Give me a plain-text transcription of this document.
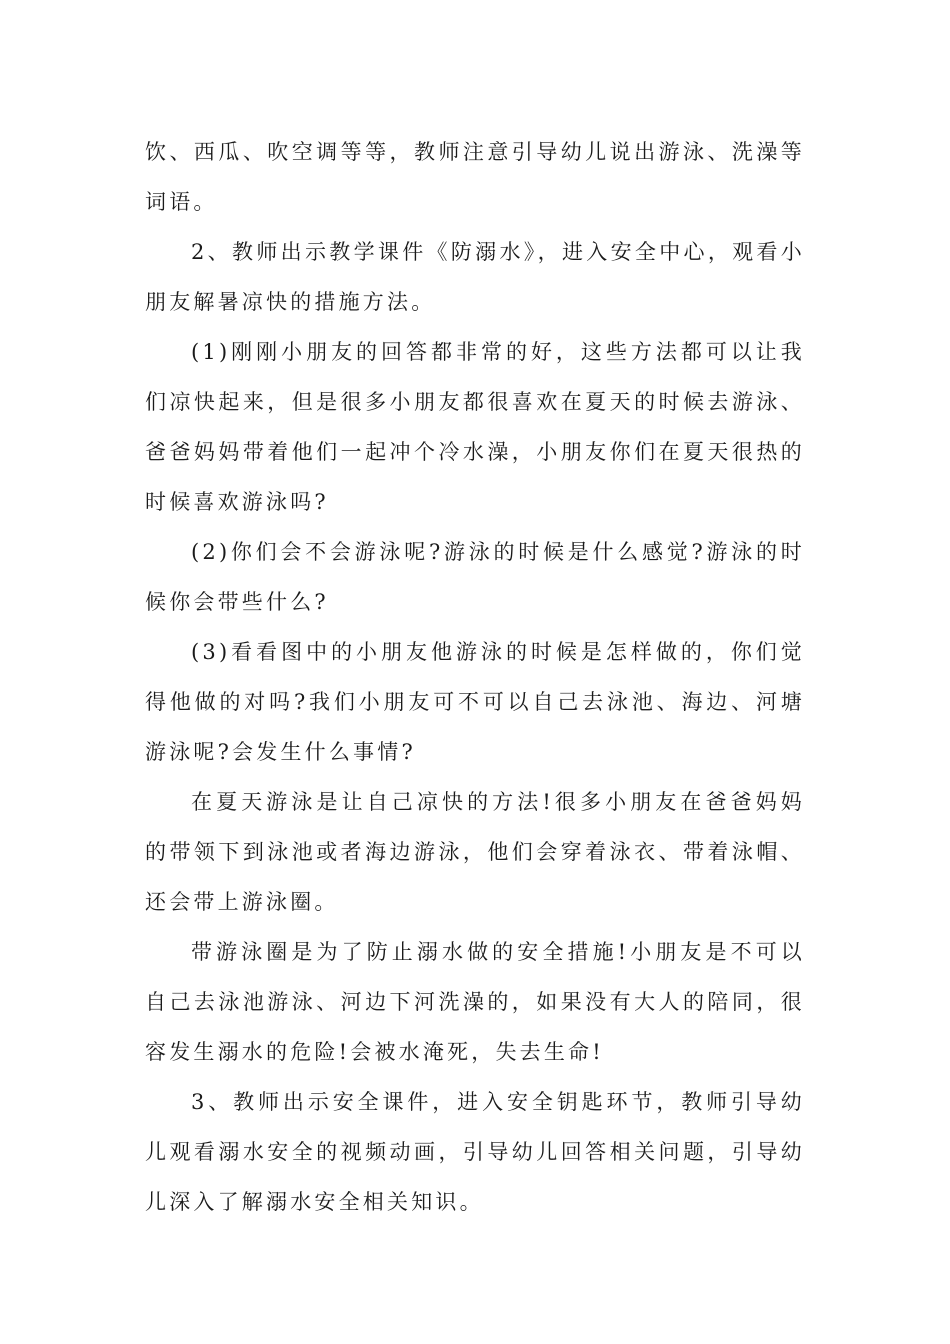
饮、西瓜、吹空调等等，教师注意引导幼儿说出游泳、洗澡等词语。

2、教师出示教学课件《防溺水》，进入安全中心，观看小朋友解暑凉快的措施方法。

(1)刚刚小朋友的回答都非常的好，这些方法都可以让我们凉快起来，但是很多小朋友都很喜欢在夏天的时候去游泳、爸爸妈妈带着他们一起冲个冷水澡，小朋友你们在夏天很热的时候喜欢游泳吗?

(2)你们会不会游泳呢?游泳的时候是什么感觉?游泳的时候你会带些什么?

(3)看看图中的小朋友他游泳的时候是怎样做的，你们觉得他做的对吗?我们小朋友可不可以自己去泳池、海边、河塘游泳呢?会发生什么事情?

在夏天游泳是让自己凉快的方法!很多小朋友在爸爸妈妈的带领下到泳池或者海边游泳，他们会穿着泳衣、带着泳帽、还会带上游泳圈。

带游泳圈是为了防止溺水做的安全措施!小朋友是不可以自己去泳池游泳、河边下河洗澡的，如果没有大人的陪同，很容发生溺水的危险!会被水淹死，失去生命!

3、教师出示安全课件，进入安全钥匙环节，教师引导幼儿观看溺水安全的视频动画，引导幼儿回答相关问题，引导幼儿深入了解溺水安全相关知识。
